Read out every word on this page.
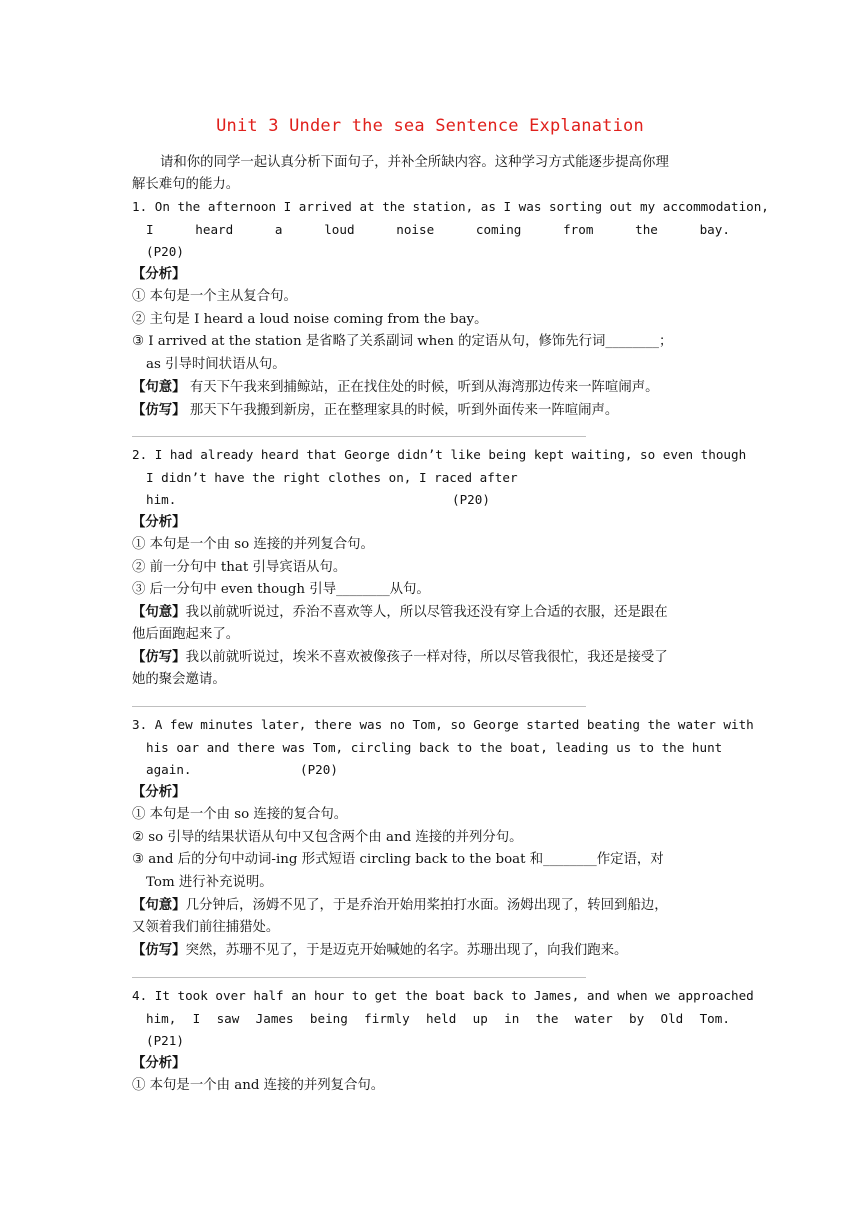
Unit 3 Under the sea Sentence Explanation
请和你的同学一起认真分析下面句子，并补全所缺内容。这种学习方式能逐步提高你理
解长难句的能力。
1. On the afternoon I arrived at the station, as I was sorting out my accommodation,
I	heard	a	loud	noise	coming	from	the	bay.
(P20)
【分析】
① 本句是一个主从复合句。
② 主句是 I heard a loud noise coming from the bay。
③ I arrived at the station 是省略了关系副词 when 的定语从句，修饰先行词________；
as 引导时间状语从句。
【句意】 有天下午我来到捕鲸站，正在找住处的时候，听到从海湾那边传来一阵喧闹声。
【仿写】 那天下午我搬到新房，正在整理家具的时候，听到外面传来一阵喧闹声。
2. I had already heard that George didn’t like being kept waiting, so even though
I didn’t have the right clothes on, I raced after
him.	(P20)
【分析】
① 本句是一个由 so 连接的并列复合句。
② 前一分句中 that 引导宾语从句。
③ 后一分句中 even though 引导________从句。
【句意】我以前就听说过，乔治不喜欢等人，所以尽管我还没有穿上合适的衣服，还是跟在
他后面跑起来了。
【仿写】我以前就听说过，埃米不喜欢被像孩子一样对待，所以尽管我很忙，我还是接受了
她的聚会邀请。
3. A few minutes later, there was no Tom, so George started beating the water with
his oar and there was Tom, circling back to the boat, leading us to the hunt
again.	(P20)
【分析】
① 本句是一个由 so 连接的复合句。
② so 引导的结果状语从句中又包含两个由 and 连接的并列分句。
③ and 后的分句中动词-ing 形式短语 circling back to the boat 和________作定语，对
Tom 进行补充说明。
【句意】几分钟后，汤姆不见了，于是乔治开始用桨拍打水面。汤姆出现了，转回到船边，
又领着我们前往捕猎处。
【仿写】突然，苏珊不见了，于是迈克开始喊她的名字。苏珊出现了，向我们跑来。
4. It took over half an hour to get the boat back to James, and when we approached
him, I saw James being firmly held up in the water by Old Tom.
(P21)
【分析】
① 本句是一个由 and 连接的并列复合句。
